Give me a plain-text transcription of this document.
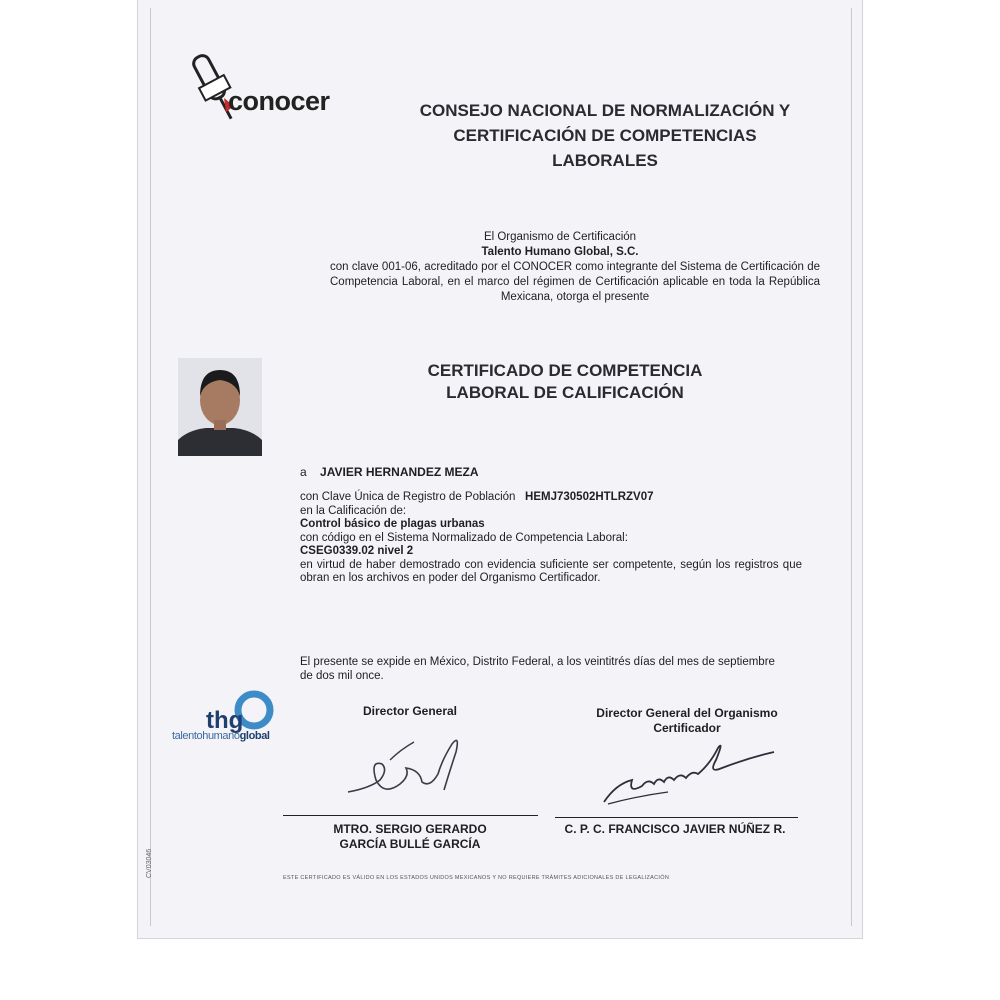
conocer	CONSEJO NACIONAL DE NORMALIZACIÓN Y
CERTIFICACIÓN DE COMPETENCIAS
LABORALES
El Organismo de Certificación
Talento Humano Global, S.C.
con clave 001-06, acreditado por el CONOCER como integrante del Sistema de Certificación de Competencia Laboral, en el marco del régimen de Certificación aplicable en toda la República Mexicana, otorga el presente
CERTIFICADO DE COMPETENCIA
LABORAL DE CALIFICACIÓN
a JAVIER HERNANDEZ MEZA
con Clave Única de Registro de Población HEMJ730502HTLRZV07
en la Calificación de:
Control básico de plagas urbanas
con código en el Sistema Normalizado de Competencia Laboral:
CSEG0339.02 nivel 2
en virtud de haber demostrado con evidencia suficiente ser competente, según los registros que obran en los archivos en poder del Organismo Certificador.
El presente se expide en México, Distrito Federal, a los veintitrés días del mes de septiembre de dos mil once.
thg
talentohumanoglobal
Director General	Director General del Organismo
Certificador
MTRO. SERGIO GERARDO
GARCÍA BULLÉ GARCÍA
C. P. C. FRANCISCO JAVIER NÚÑEZ R.
ESTE CERTIFICADO ES VÁLIDO EN LOS ESTADOS UNIDOS MEXICANOS Y NO REQUIERE TRÁMITES ADICIONALES DE LEGALIZACIÓN
CV03046
